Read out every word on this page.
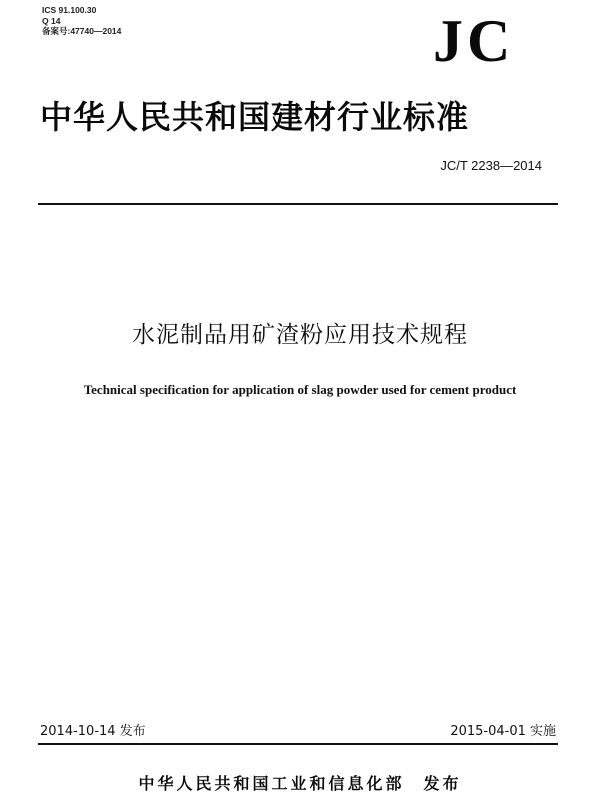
ICS 91.100.30
Q 14
备案号:47740—2014	JC
中华人民共和国建材行业标准
JC/T 2238—2014
水泥制品用矿渣粉应用技术规程
Technical specification for application of slag powder used for cement product
2014-10-14 发布	2015-04-01 实施
中华人民共和国工业和信息化部　发布
